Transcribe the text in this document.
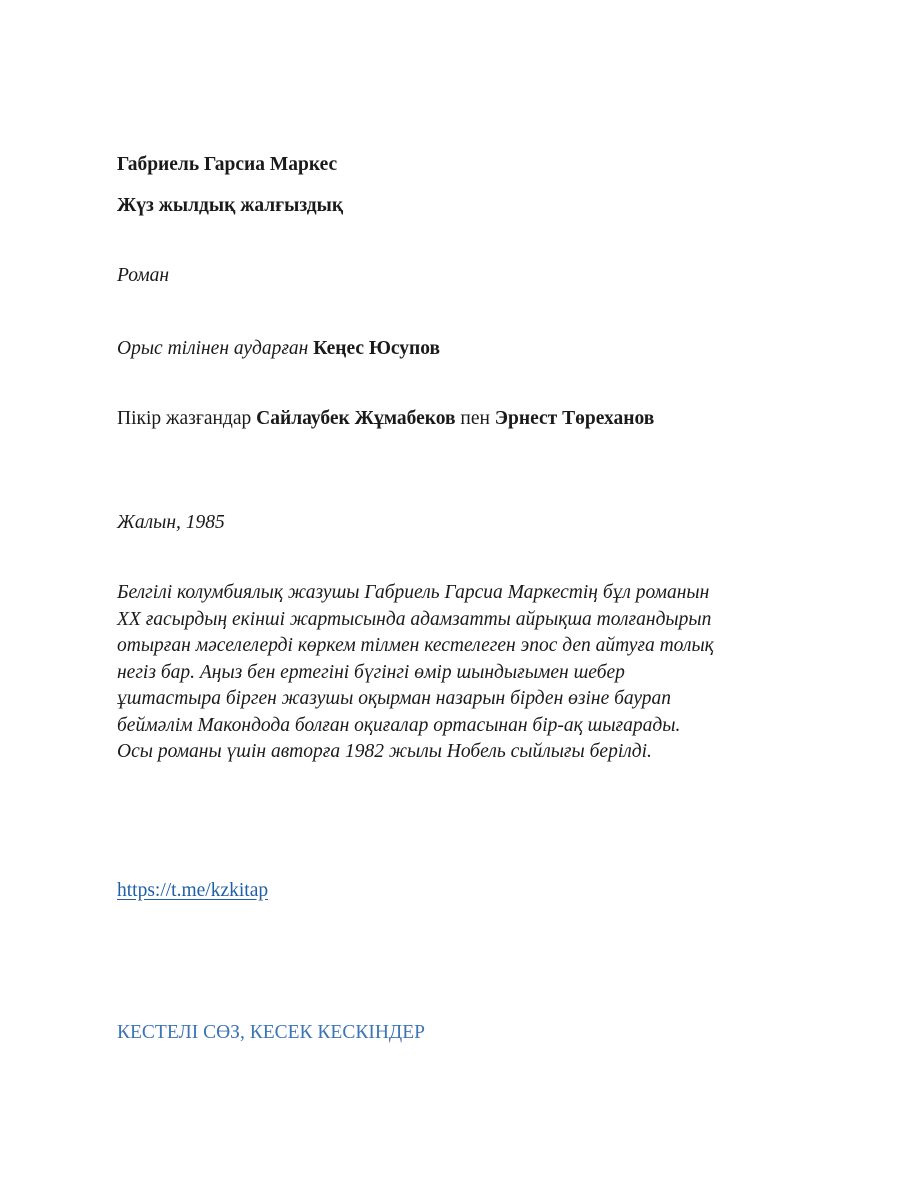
Габриель Гарсиа Маркес
Жүз жылдық жалғыздық
Роман
Орыс тілінен аударған Кеңес Юсупов
Пікір жазғандар Сайлаубек Жұмабеков пен Эрнест Төреханов
Жалын, 1985
Белгілі колумбиялық жазушы Габриель Гарсиа Маркестің бұл романын
XX ғасырдың екінші жартысында адамзатты айрықша толғандырып
отырған мәселелерді көркем тілмен кестелеген эпос деп айтуға толық
негіз бар. Аңыз бен ертегіні бүгінгі өмір шындығымен шебер
ұштастыра бірген жазушы оқырман назарын бірден өзіне баурап
беймәлім Макондода болған оқиғалар ортасынан бір-ақ шығарады.
Осы романы үшін авторға 1982 жылы Нобель сыйлығы берілді.
https://t.me/kzkitap
КЕСТЕЛІ СӨЗ, КЕСЕК КЕСКІНДЕР
